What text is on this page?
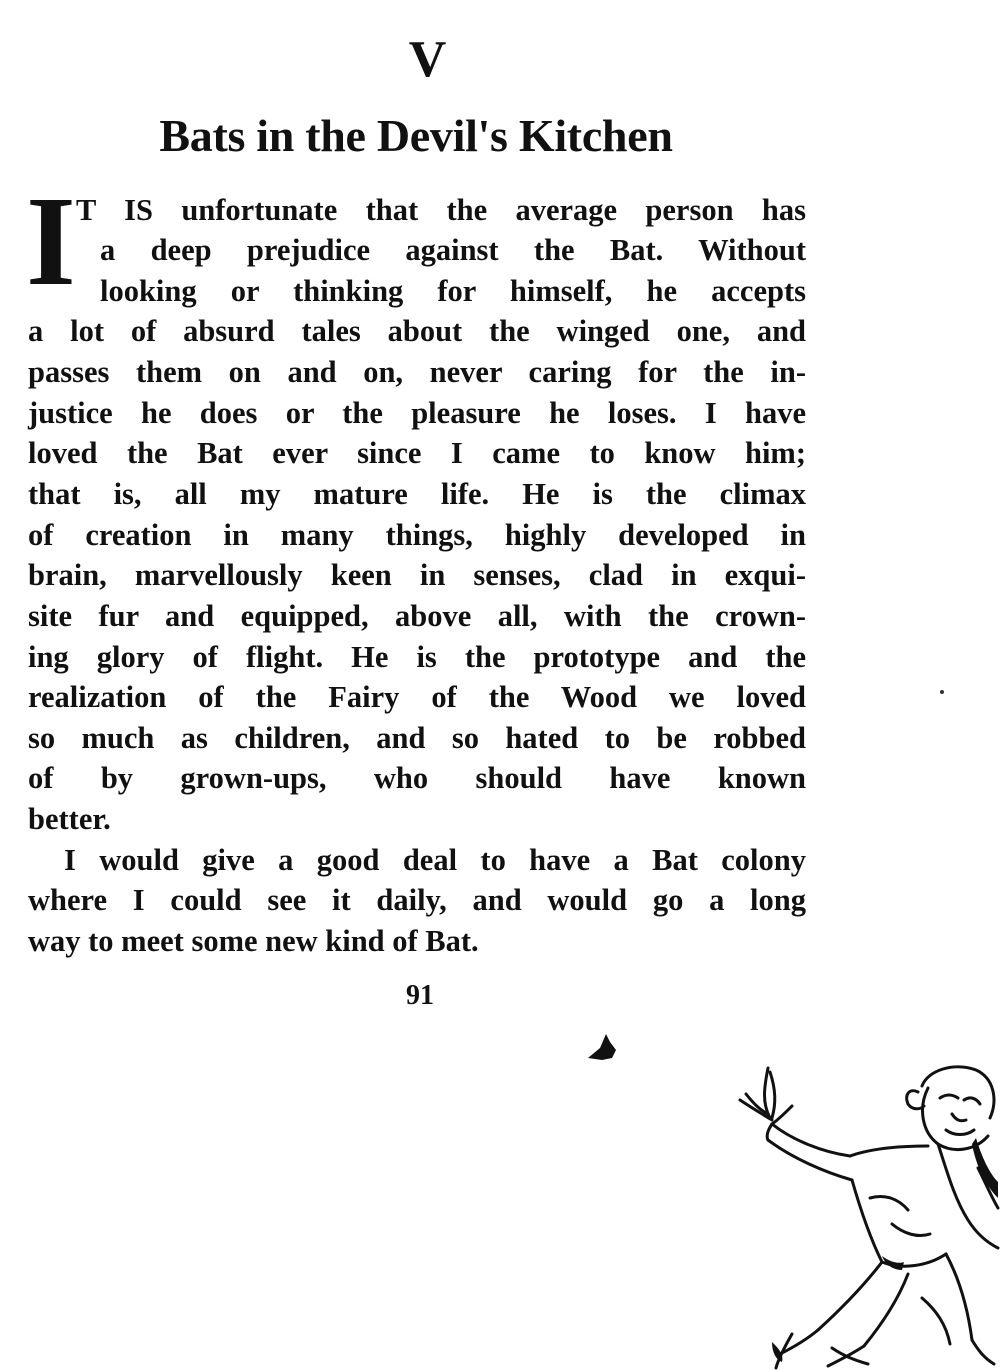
V
Bats in the Devil's Kitchen
I T IS unfortunate that the average person has
a deep prejudice against the Bat. Without
looking or thinking for himself, he accepts
a lot of absurd tales about the winged one, and
passes them on and on, never caring for the in-
justice he does or the pleasure he loses. I have
loved the Bat ever since I came to know him;
that is, all my mature life. He is the climax
of creation in many things, highly developed in
brain, marvellously keen in senses, clad in exqui-
site fur and equipped, above all, with the crown-
ing glory of flight. He is the prototype and the
realization of the Fairy of the Wood we loved
so much as children, and so hated to be robbed
of by grown-ups, who should have known
better.
I would give a good deal to have a Bat colony
where I could see it daily, and would go a long
way to meet some new kind of Bat.
91
